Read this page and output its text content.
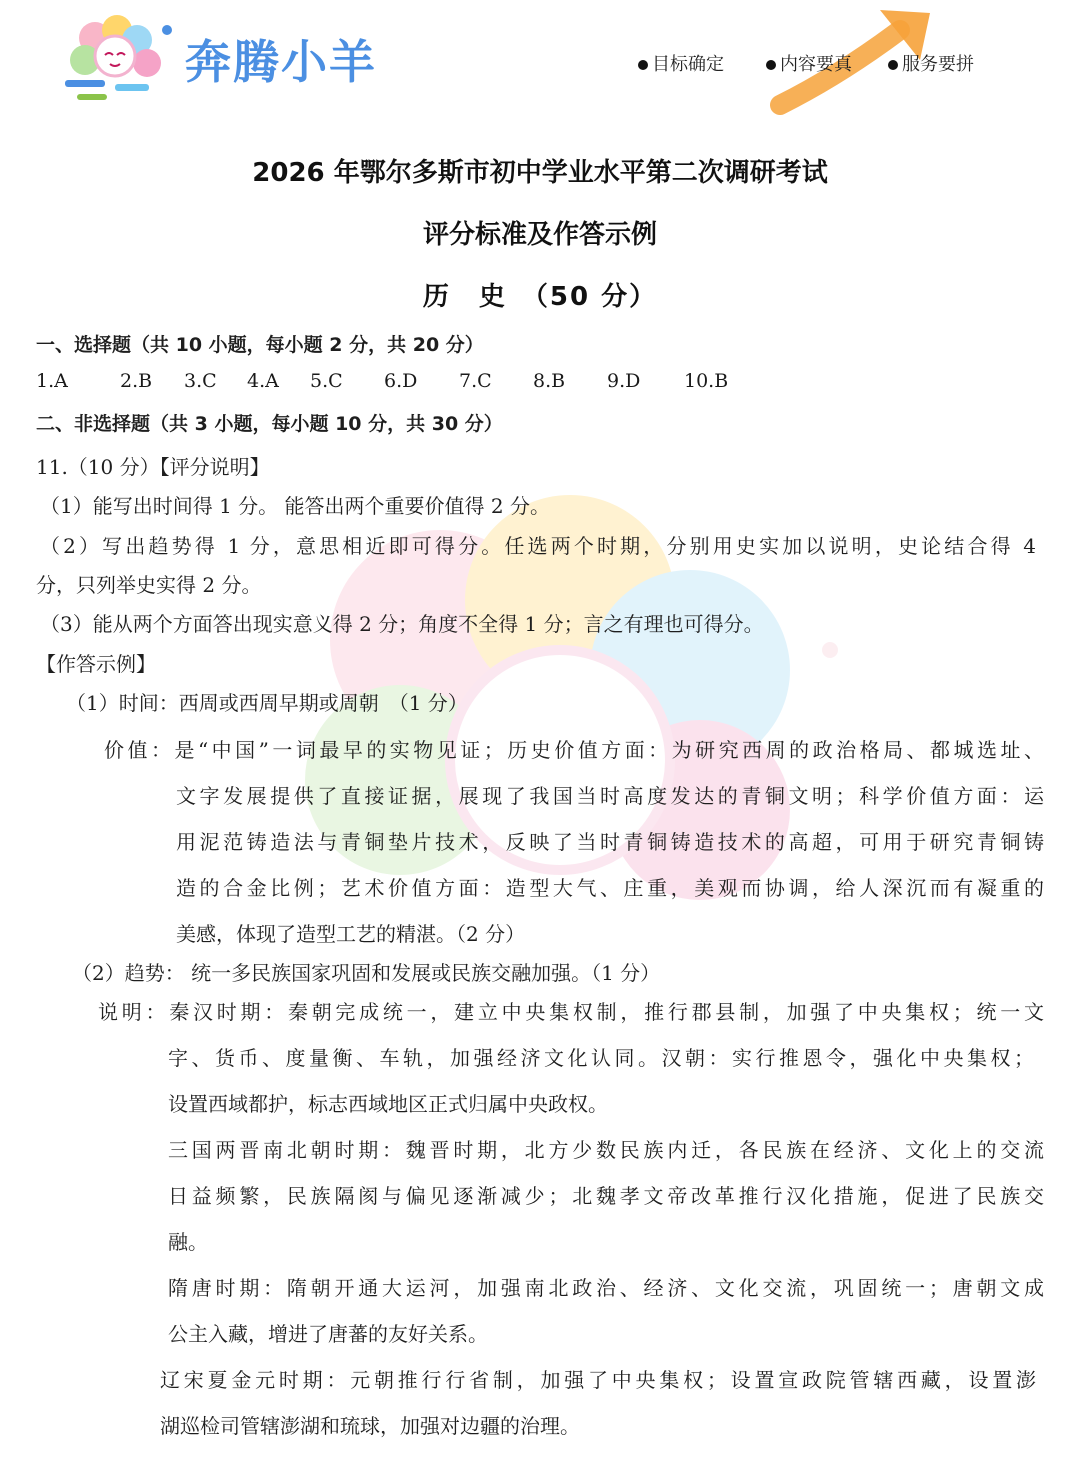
奔腾小羊	目标确定	内容要真	服务要拼
2026 年鄂尔多斯市初中学业水平第二次调研考试
评分标准及作答示例
历　史　（50 分）
一、选择题（共 10 小题，每小题 2 分，共 20 分）
1.A	2.B 3.C 4.A 5.C 6.D 7.C 8.B 9.D 10.B
二、非选择题（共 3 小题，每小题 10 分，共 30 分）
11.（10 分）【评分说明】
（1）能写出时间得 1 分。 能答出两个重要价值得 2 分。
（2）写出趋势得 1 分，意思相近即可得分。任选两个时期，分别用史实加以说明，史论结合得 4
分，只列举史实得 2 分。
（3）能从两个方面答出现实意义得 2 分；角度不全得 1 分；言之有理也可得分。
【作答示例】
（1）时间：西周或西周早期或周朝　（1 分）
价值：是“中国”一词最早的实物见证；历史价值方面：为研究西周的政治格局、都城选址、
文字发展提供了直接证据，展现了我国当时高度发达的青铜文明；科学价值方面：运
用泥范铸造法与青铜垫片技术，反映了当时青铜铸造技术的高超，可用于研究青铜铸
造的合金比例；艺术价值方面：造型大气、庄重，美观而协调，给人深沉而有凝重的
美感，体现了造型工艺的精湛。（2 分）
（2）趋势： 统一多民族国家巩固和发展或民族交融加强。（1 分）
说明：秦汉时期：秦朝完成统一，建立中央集权制，推行郡县制，加强了中央集权；统一文
字、货币、度量衡、车轨，加强经济文化认同。汉朝：实行推恩令，强化中央集权；
设置西域都护，标志西域地区正式归属中央政权。
三国两晋南北朝时期：魏晋时期，北方少数民族内迁，各民族在经济、文化上的交流
日益频繁，民族隔阂与偏见逐渐减少；北魏孝文帝改革推行汉化措施，促进了民族交
融。
隋唐时期：隋朝开通大运河，加强南北政治、经济、文化交流，巩固统一；唐朝文成
公主入藏，增进了唐蕃的友好关系。
辽宋夏金元时期：元朝推行行省制，加强了中央集权；设置宣政院管辖西藏，设置澎
湖巡检司管辖澎湖和琉球，加强对边疆的治理。
